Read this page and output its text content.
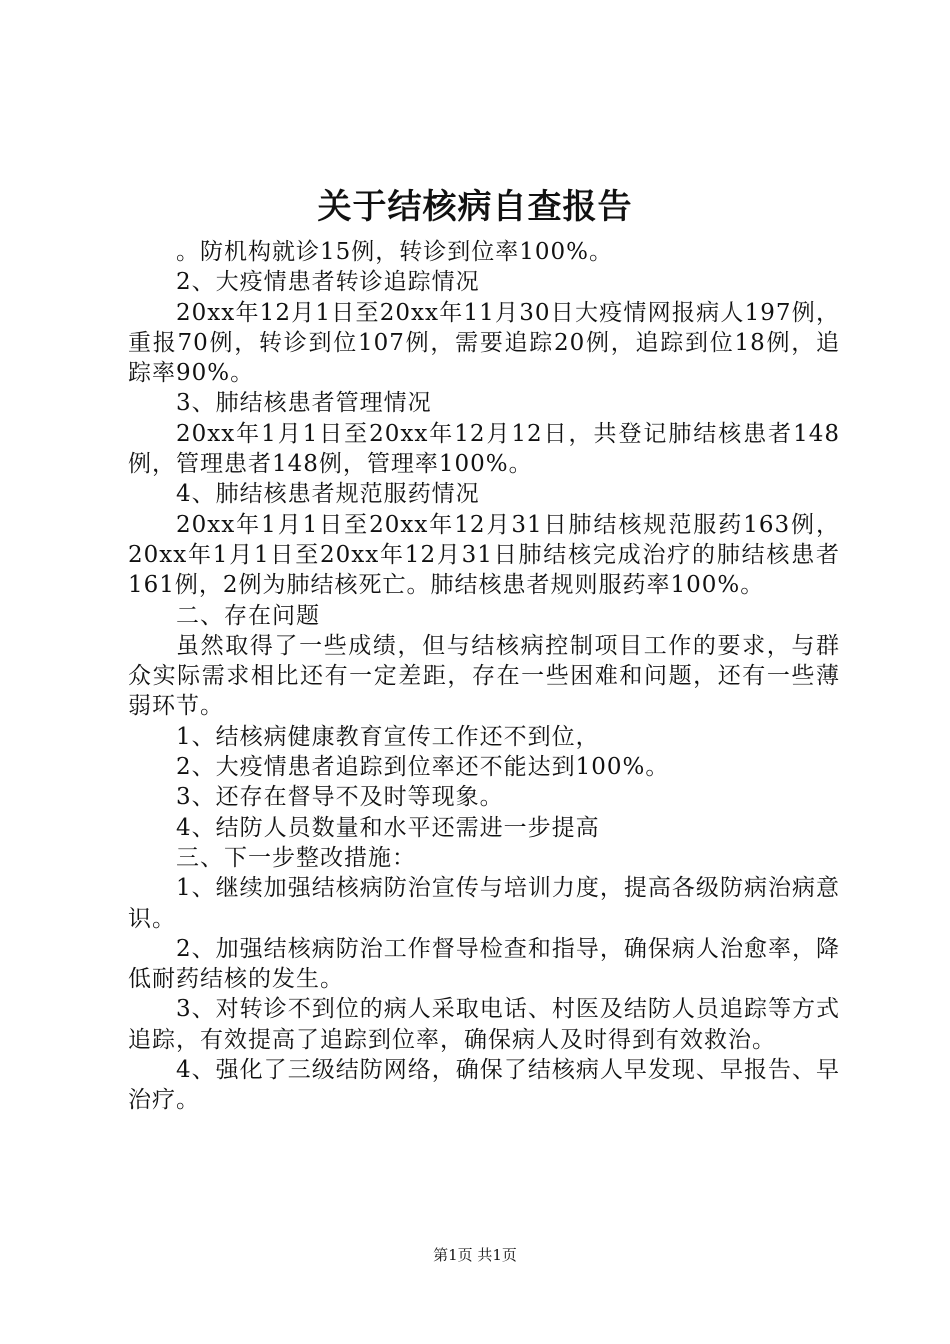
关于结核病自查报告

。防机构就诊15例，转诊到位率100%。

2、大疫情患者转诊追踪情况

20xx年12月1日至20xx年11月30日大疫情网报病人197例，重报70例，转诊到位107例，需要追踪20例，追踪到位18例，追踪率90%。

3、肺结核患者管理情况

20xx年1月1日至20xx年12月12日，共登记肺结核患者148例，管理患者148例，管理率100%。

4、肺结核患者规范服药情况

20xx年1月1日至20xx年12月31日肺结核规范服药163例，20xx年1月1日至20xx年12月31日肺结核完成治疗的肺结核患者161例，2例为肺结核死亡。肺结核患者规则服药率100%。

二、存在问题

虽然取得了一些成绩，但与结核病控制项目工作的要求，与群众实际需求相比还有一定差距，存在一些困难和问题，还有一些薄弱环节。

1、结核病健康教育宣传工作还不到位，

2、大疫情患者追踪到位率还不能达到100%。

3、还存在督导不及时等现象。

4、结防人员数量和水平还需进一步提高

三、下一步整改措施：

1、继续加强结核病防治宣传与培训力度，提高各级防病治病意识。

2、加强结核病防治工作督导检查和指导，确保病人治愈率，降低耐药结核的发生。

3、对转诊不到位的病人采取电话、村医及结防人员追踪等方式追踪，有效提高了追踪到位率，确保病人及时得到有效救治。

4、强化了三级结防网络，确保了结核病人早发现、早报告、早治疗。

第1页 共1页
